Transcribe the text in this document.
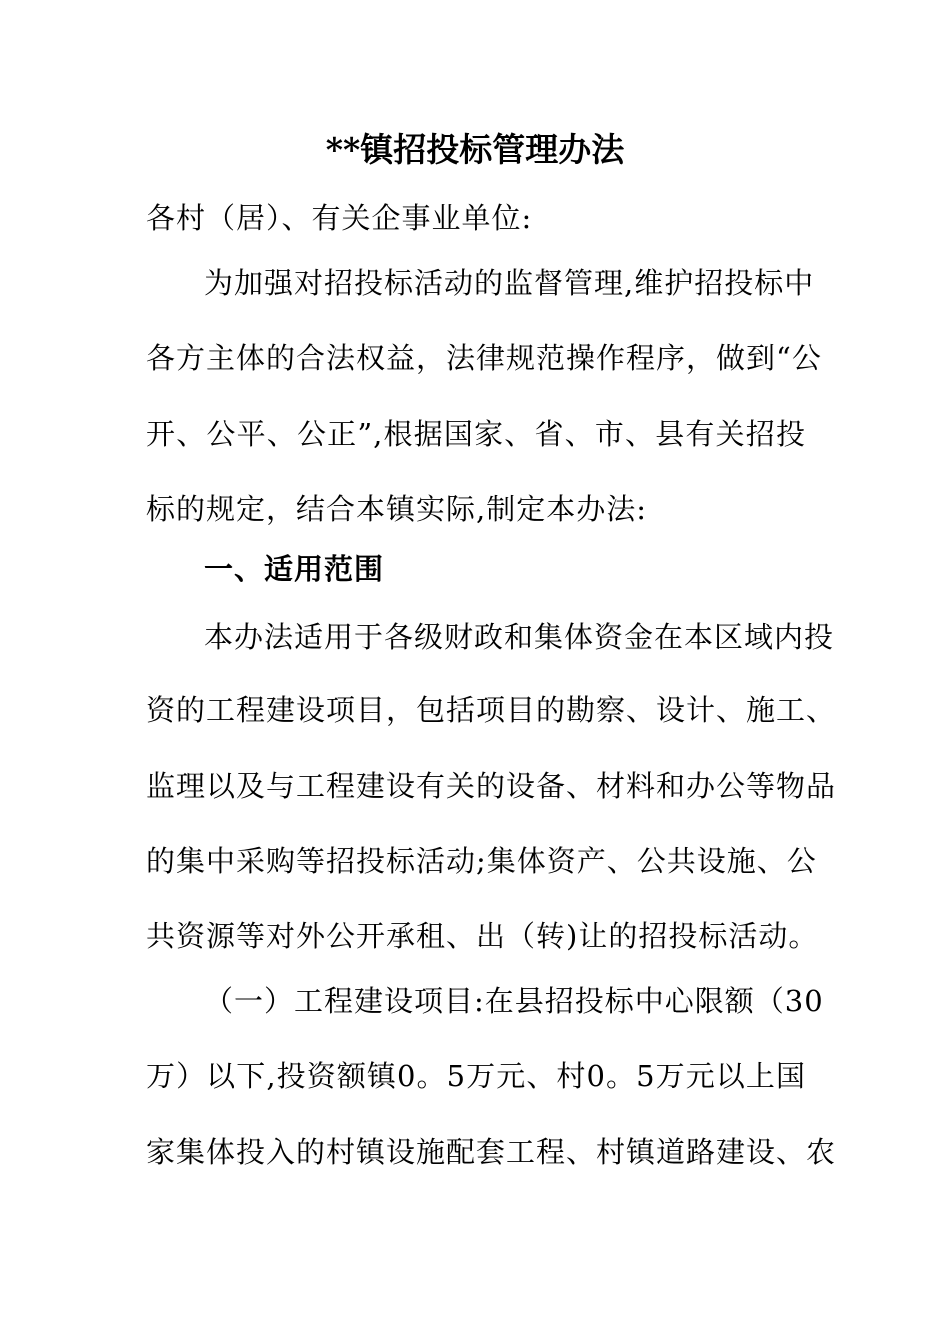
**镇招投标管理办法
各村（居）、有关企事业单位:
为加强对招投标活动的监督管理,维护招投标中
各方主体的合法权益，法律规范操作程序，做到“公
开、公平、公正”,根据国家、省、市、县有关招投
标的规定，结合本镇实际,制定本办法:
一、适用范围
本办法适用于各级财政和集体资金在本区域内投
资的工程建设项目，包括项目的勘察、设计、施工、
监理以及与工程建设有关的设备、材料和办公等物品
的集中采购等招投标活动;集体资产、公共设施、公
共资源等对外公开承租、出（转)让的招投标活动。
（一）工程建设项目:在县招投标中心限额（30
万）以下,投资额镇0。5万元、村0。5万元以上国
家集体投入的村镇设施配套工程、村镇道路建设、农
